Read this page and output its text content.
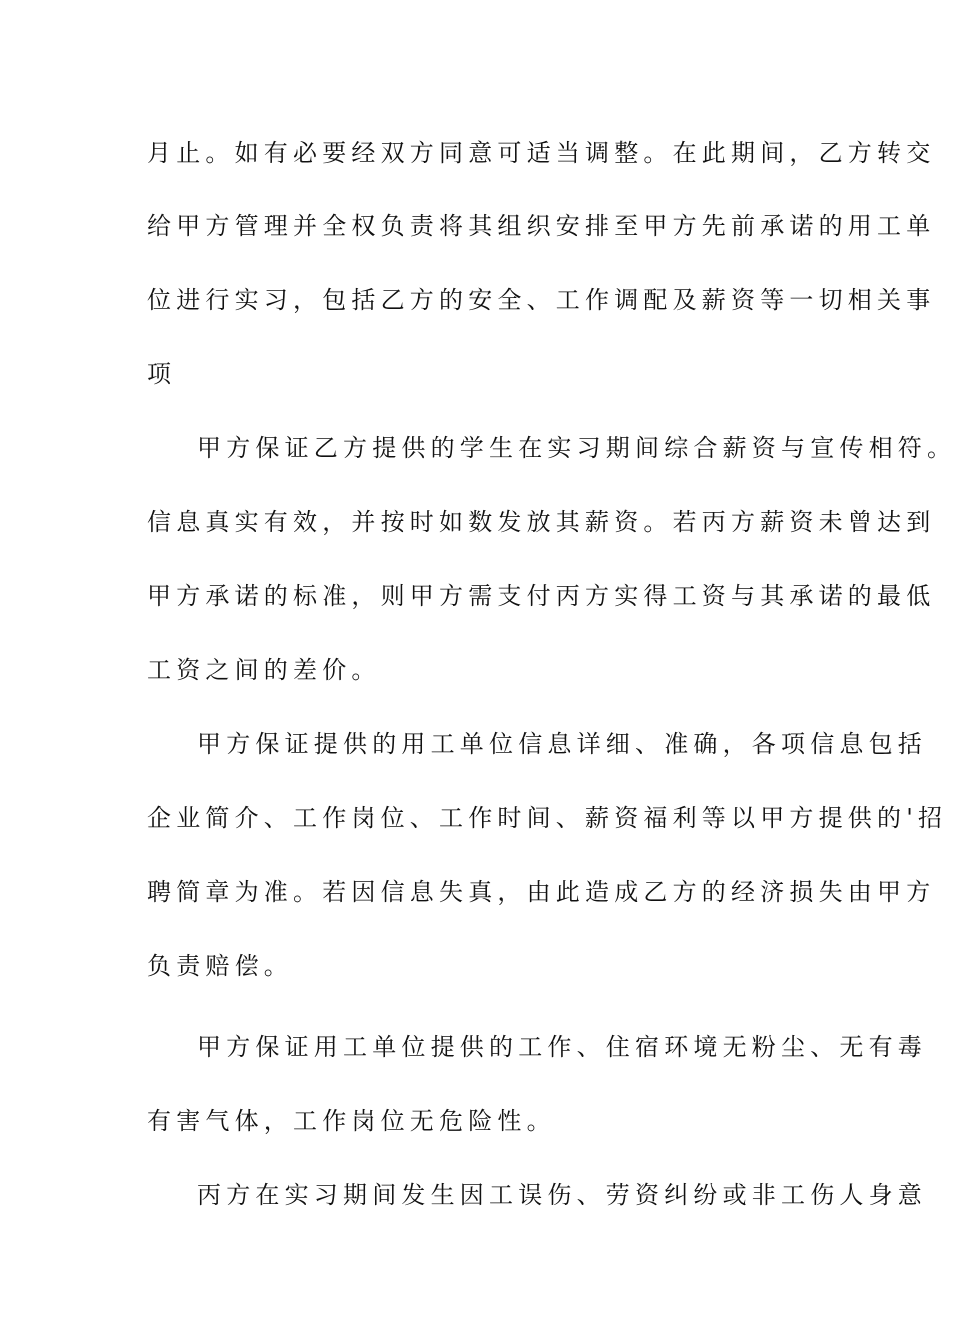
月止。如有必要经双方同意可适当调整。在此期间，乙方转交
给甲方管理并全权负责将其组织安排至甲方先前承诺的用工单
位进行实习，包括乙方的安全、工作调配及薪资等一切相关事
项
甲方保证乙方提供的学生在实习期间综合薪资与宣传相符。
信息真实有效，并按时如数发放其薪资。若丙方薪资未曾达到
甲方承诺的标准，则甲方需支付丙方实得工资与其承诺的最低
工资之间的差价。
甲方保证提供的用工单位信息详细、准确，各项信息包括
企业简介、工作岗位、工作时间、薪资福利等以甲方提供的'招
聘简章为准。若因信息失真，由此造成乙方的经济损失由甲方
负责赔偿。
甲方保证用工单位提供的工作、住宿环境无粉尘、无有毒
有害气体，工作岗位无危险性。
丙方在实习期间发生因工误伤、劳资纠纷或非工伤人身意
